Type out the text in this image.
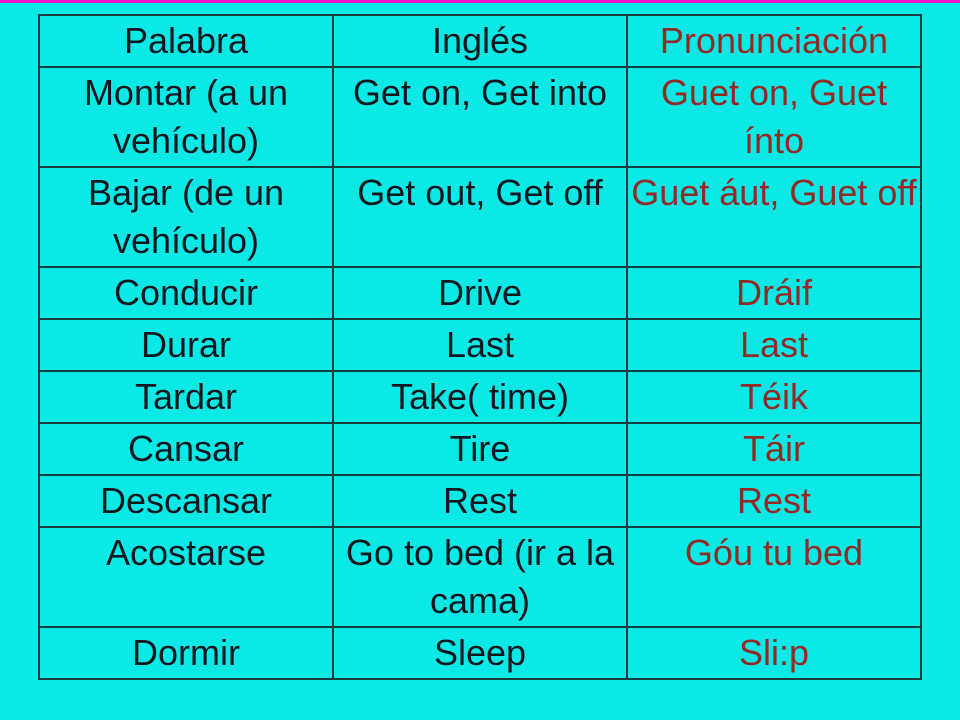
Palabra	Inglés	Pronunciación
Montar (a un vehículo)	Get on, Get into	Guet on, Guet ínto
Bajar (de un vehículo)	Get out, Get off	Guet áut, Guet off
Conducir	Drive	Dráif
Durar	Last	Last
Tardar	Take( time)	Téik
Cansar	Tire	Táir
Descansar	Rest	Rest
Acostarse	Go to bed (ir a la cama)	Góu tu bed
Dormir	Sleep	Sli:p
